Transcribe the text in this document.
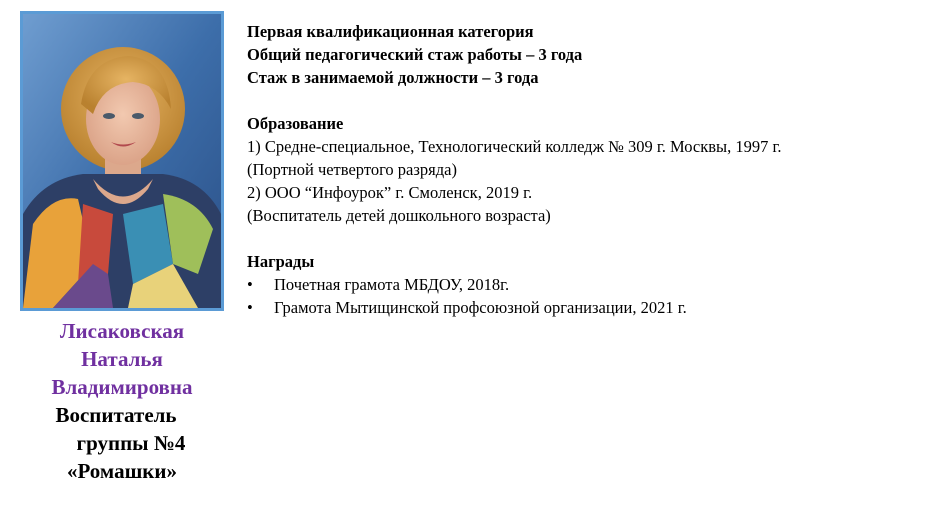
Лисаковская
Наталья
Владимировна
Воспитатель
группы №4
«Ромашки»
Первая квалификационная категория
Общий педагогический стаж работы – 3 года
Стаж в занимаемой должности – 3 года
Образование
1) Средне-специальное, Технологический колледж № 309 г. Москвы, 1997 г.
(Портной четвертого разряда)
2) ООО “Инфоурок” г. Смоленск, 2019 г.
(Воспитатель детей дошкольного возраста)
Награды
• Почетная грамота МБДОУ, 2018г.
• Грамота Мытищинской профсоюзной организации, 2021 г.
